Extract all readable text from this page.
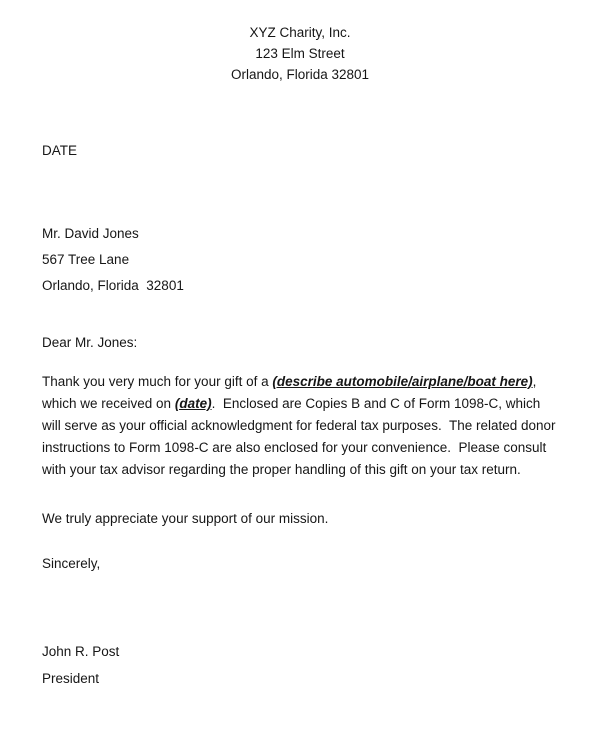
XYZ Charity, Inc.
123 Elm Street
Orlando, Florida 32801
DATE
Mr. David Jones
567 Tree Lane
Orlando, Florida  32801
Dear Mr. Jones:

Thank you very much for your gift of a (describe automobile/airplane/boat here), which we received on (date).  Enclosed are Copies B and C of Form 1098-C, which will serve as your official acknowledgment for federal tax purposes.  The related donor instructions to Form 1098-C are also enclosed for your convenience.  Please consult with your tax advisor regarding the proper handling of this gift on your tax return.

We truly appreciate your support of our mission.

Sincerely,
John R. Post
President
